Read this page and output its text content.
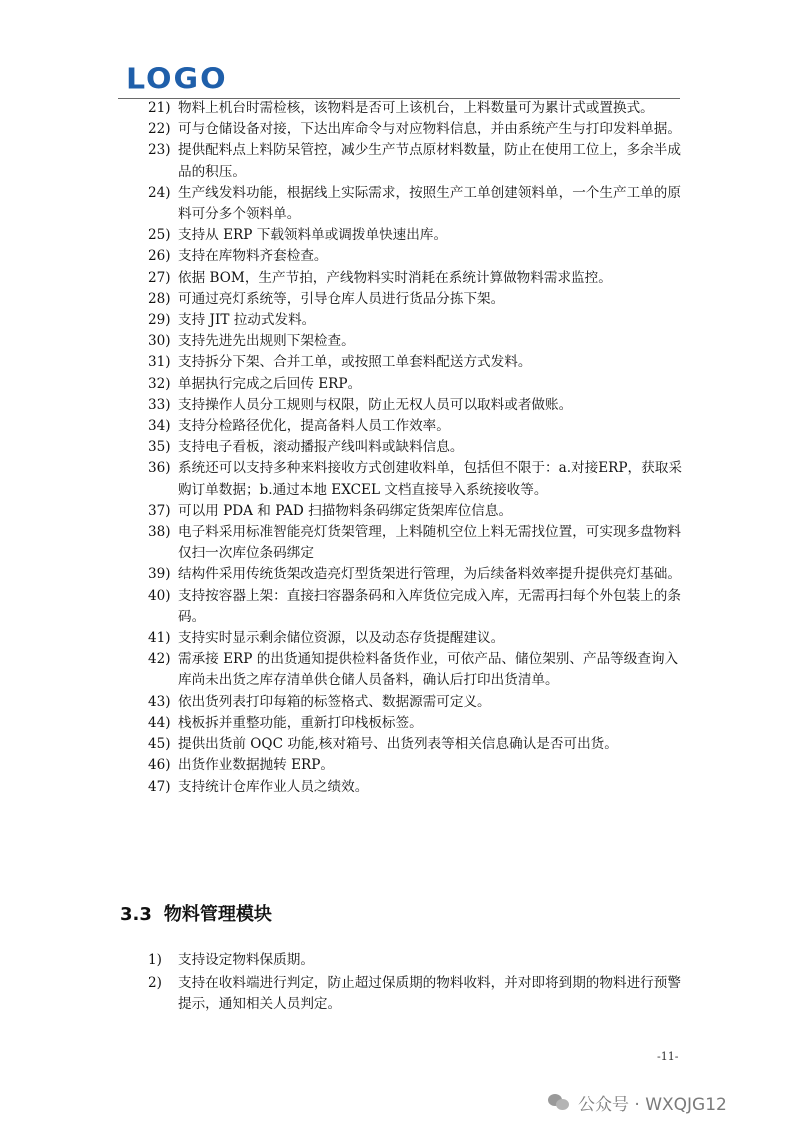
LOGO
21) 物料上机台时需检核，该物料是否可上该机台，上料数量可为累计式或置换式。
22) 可与仓储设备对接，下达出库命令与对应物料信息，并由系统产生与打印发料单据。
23) 提供配料点上料防呆管控，减少生产节点原材料数量，防止在使用工位上，多余半成品的积压。
24) 生产线发料功能，根据线上实际需求，按照生产工单创建领料单，一个生产工单的原料可分多个领料单。
25) 支持从 ERP 下载领料单或调拨单快速出库。
26) 支持在库物料齐套检查。
27) 依据 BOM，生产节拍，产线物料实时消耗在系统计算做物料需求监控。
28) 可通过亮灯系统等，引导仓库人员进行货品分拣下架。
29) 支持 JIT 拉动式发料。
30) 支持先进先出规则下架检查。
31) 支持拆分下架、合并工单，或按照工单套料配送方式发料。
32) 单据执行完成之后回传 ERP。
33) 支持操作人员分工规则与权限，防止无权人员可以取料或者做账。
34) 支持分检路径优化，提高备料人员工作效率。
35) 支持电子看板，滚动播报产线叫料或缺料信息。
36) 系统还可以支持多种来料接收方式创建收料单，包括但不限于：a.对接ERP，获取采购订单数据；b.通过本地 EXCEL 文档直接导入系统接收等。
37) 可以用 PDA 和 PAD 扫描物料条码绑定货架库位信息。
38) 电子料采用标准智能亮灯货架管理，上料随机空位上料无需找位置，可实现多盘物料仅扫一次库位条码绑定
39) 结构件采用传统货架改造亮灯型货架进行管理，为后续备料效率提升提供亮灯基础。
40) 支持按容器上架：直接扫容器条码和入库货位完成入库，无需再扫每个外包装上的条码。
41) 支持实时显示剩余储位资源，以及动态存货提醒建议。
42) 需承接 ERP 的出货通知提供检料备货作业，可依产品、储位架别、产品等级查询入库尚未出货之库存清单供仓储人员备料，确认后打印出货清单。
43) 依出货列表打印每箱的标签格式、数据源需可定义。
44) 栈板拆并重整功能，重新打印栈板标签。
45) 提供出货前 OQC 功能,核对箱号、出货列表等相关信息确认是否可出货。
46) 出货作业数据抛转 ERP。
47) 支持统计仓库作业人员之绩效。
3.3 物料管理模块
1) 支持设定物料保质期。
2) 支持在收料端进行判定，防止超过保质期的物料收料，并对即将到期的物料进行预警提示，通知相关人员判定。
-11-
公众号 · WXQJG12
